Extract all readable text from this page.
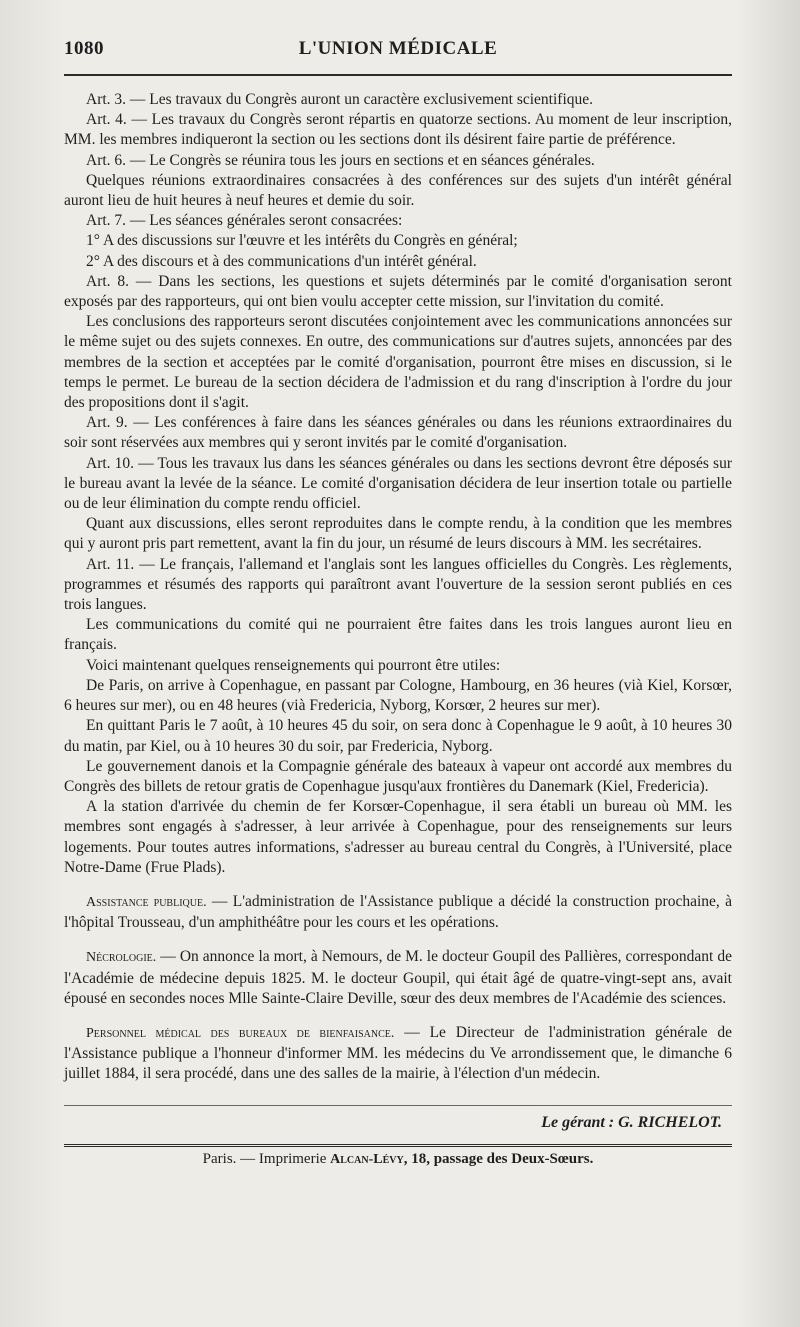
1080	L'UNION MÉDICALE

Art. 3. — Les travaux du Congrès auront un caractère exclusivement scientifique.

Art. 4. — Les travaux du Congrès seront répartis en quatorze sections. Au moment de leur inscription, MM. les membres indiqueront la section ou les sections dont ils désirent faire partie de préférence.

Art. 6. — Le Congrès se réunira tous les jours en sections et en séances générales.

Quelques réunions extraordinaires consacrées à des conférences sur des sujets d'un intérêt général auront lieu de huit heures à neuf heures et demie du soir.

Art. 7. — Les séances générales seront consacrées:

1° A des discussions sur l'œuvre et les intérêts du Congrès en général;

2° A des discours et à des communications d'un intérêt général.

Art. 8. — Dans les sections, les questions et sujets déterminés par le comité d'organisation seront exposés par des rapporteurs, qui ont bien voulu accepter cette mission, sur l'invitation du comité.

Les conclusions des rapporteurs seront discutées conjointement avec les communications annoncées sur le même sujet ou des sujets connexes. En outre, des communications sur d'autres sujets, annoncées par des membres de la section et acceptées par le comité d'organisation, pourront être mises en discussion, si le temps le permet. Le bureau de la section décidera de l'admission et du rang d'inscription à l'ordre du jour des propositions dont il s'agit.

Art. 9. — Les conférences à faire dans les séances générales ou dans les réunions extraordinaires du soir sont réservées aux membres qui y seront invités par le comité d'organisation.

Art. 10. — Tous les travaux lus dans les séances générales ou dans les sections devront être déposés sur le bureau avant la levée de la séance. Le comité d'organisation décidera de leur insertion totale ou partielle ou de leur élimination du compte rendu officiel.

Quant aux discussions, elles seront reproduites dans le compte rendu, à la condition que les membres qui y auront pris part remettent, avant la fin du jour, un résumé de leurs discours à MM. les secrétaires.

Art. 11. — Le français, l'allemand et l'anglais sont les langues officielles du Congrès. Les règlements, programmes et résumés des rapports qui paraîtront avant l'ouverture de la session seront publiés en ces trois langues.

Les communications du comité qui ne pourraient être faites dans les trois langues auront lieu en français.

Voici maintenant quelques renseignements qui pourront être utiles:

De Paris, on arrive à Copenhague, en passant par Cologne, Hambourg, en 36 heures (vià Kiel, Korsœr, 6 heures sur mer), ou en 48 heures (vià Fredericia, Nyborg, Korsœr, 2 heures sur mer).

En quittant Paris le 7 août, à 10 heures 45 du soir, on sera donc à Copenhague le 9 août, à 10 heures 30 du matin, par Kiel, ou à 10 heures 30 du soir, par Fredericia, Nyborg.

Le gouvernement danois et la Compagnie générale des bateaux à vapeur ont accordé aux membres du Congrès des billets de retour gratis de Copenhague jusqu'aux frontières du Danemark (Kiel, Fredericia).

A la station d'arrivée du chemin de fer Korsœr-Copenhague, il sera établi un bureau où MM. les membres sont engagés à s'adresser, à leur arrivée à Copenhague, pour des renseignements sur leurs logements. Pour toutes autres informations, s'adresser au bureau central du Congrès, à l'Université, place Notre-Dame (Frue Plads).

Assistance publique. — L'administration de l'Assistance publique a décidé la construction prochaine, à l'hôpital Trousseau, d'un amphithéâtre pour les cours et les opérations.

Nécrologie. — On annonce la mort, à Nemours, de M. le docteur Goupil des Pallières, correspondant de l'Académie de médecine depuis 1825. M. le docteur Goupil, qui était âgé de quatre-vingt-sept ans, avait épousé en secondes noces Mlle Sainte-Claire Deville, sœur des deux membres de l'Académie des sciences.

Personnel médical des bureaux de bienfaisance. — Le Directeur de l'administration générale de l'Assistance publique a l'honneur d'informer MM. les médecins du Ve arrondissement que, le dimanche 6 juillet 1884, il sera procédé, dans une des salles de la mairie, à l'élection d'un médecin.

Le gérant : G. RICHELOT.
Paris. — Imprimerie Alcan-Lévy, 18, passage des Deux-Sœurs.
